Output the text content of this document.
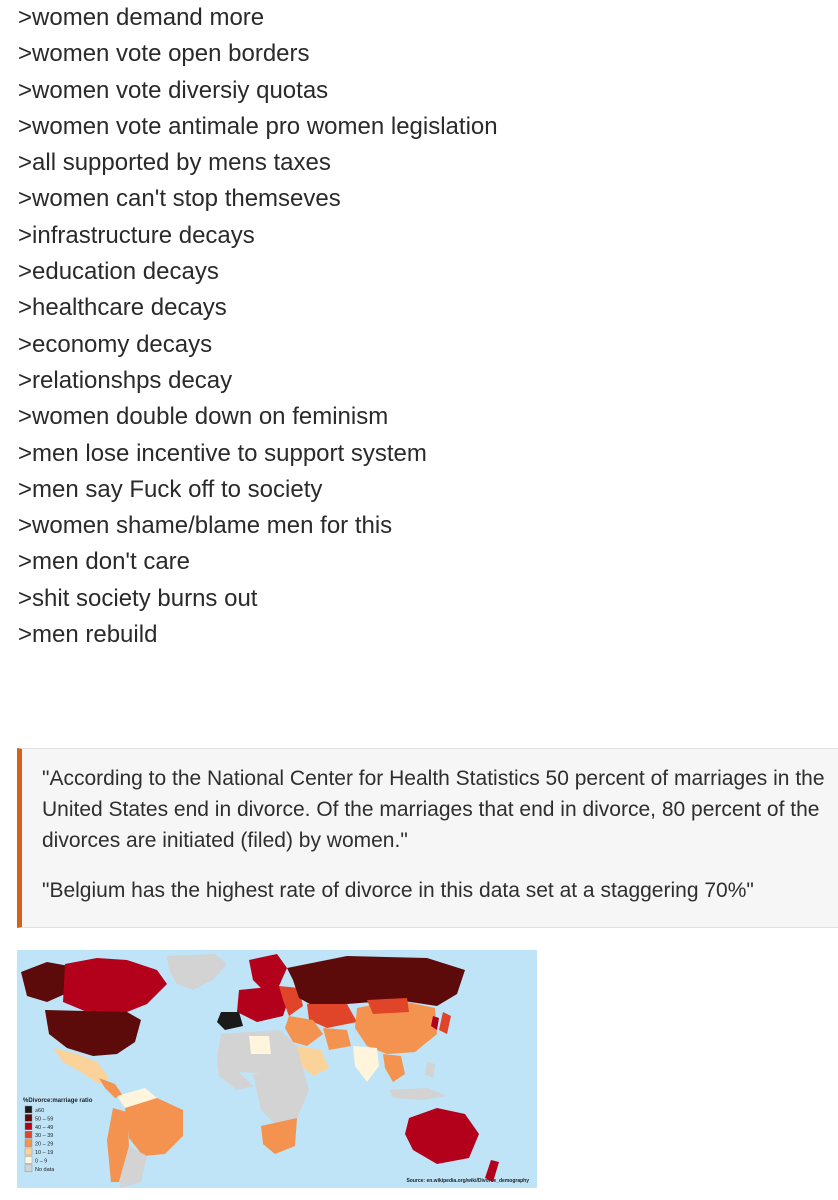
>women demand more
>women vote open borders
>women vote diversiy quotas
>women vote antimale pro women legislation
>all supported by mens taxes
>women can't stop themseves
>infrastructure decays
>education decays
>healthcare decays
>economy decays
>relationshps decay
>women double down on feminism
>men lose incentive to support system
>men say Fuck off to society
>women shame/blame men for this
>men don't care
>shit society burns out
>men rebuild

"According to the National Center for Health Statistics 50 percent of marriages in the United States end in divorce. Of the marriages that end in divorce, 80 percent of the divorces are initiated (filed) by women."

"Belgium has the highest rate of divorce in this data set at a staggering 70%"

%Divorce:marriage ratio
≥60
50 – 59
40 – 49
30 – 39
20 – 29
10 – 19
0 – 9
No data
Source: en.wikipedia.org/wiki/Divorce_demography
